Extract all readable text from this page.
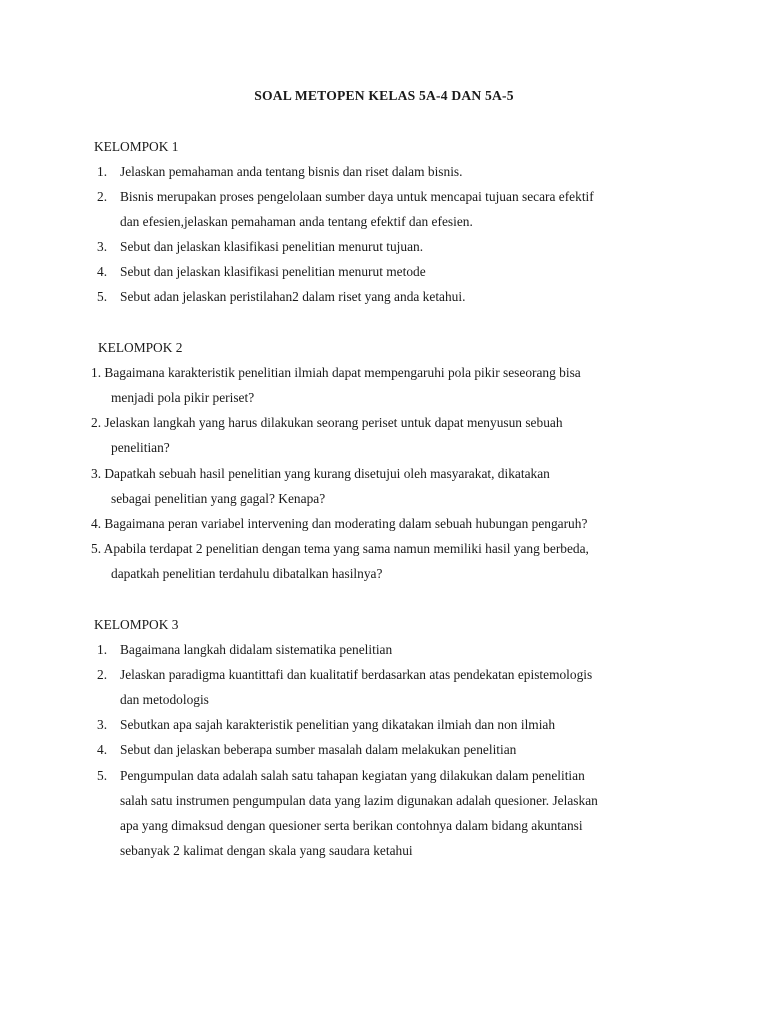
SOAL METOPEN KELAS 5A-4 DAN 5A-5
KELOMPOK 1
1. Jelaskan pemahaman anda tentang bisnis dan riset dalam bisnis.
2. Bisnis merupakan proses pengelolaan sumber daya untuk mencapai tujuan secara efektif
dan efesien,jelaskan pemahaman anda tentang efektif dan efesien.
3. Sebut dan jelaskan klasifikasi penelitian menurut tujuan.
4. Sebut dan jelaskan klasifikasi penelitian menurut metode
5. Sebut adan jelaskan peristilahan2 dalam riset yang anda ketahui.
KELOMPOK 2
1. Bagaimana karakteristik penelitian ilmiah dapat mempengaruhi pola pikir seseorang bisa
menjadi pola pikir periset?
2. Jelaskan langkah yang harus dilakukan seorang periset untuk dapat menyusun sebuah
penelitian?
3. Dapatkah sebuah hasil penelitian yang kurang disetujui oleh masyarakat, dikatakan
sebagai penelitian yang gagal? Kenapa?
4. Bagaimana peran variabel intervening dan moderating dalam sebuah hubungan pengaruh?
5. Apabila terdapat 2 penelitian dengan tema yang sama namun memiliki hasil yang berbeda,
dapatkah penelitian terdahulu dibatalkan hasilnya?
KELOMPOK 3
1. Bagaimana langkah didalam sistematika penelitian
2. Jelaskan paradigma kuantittafi dan kualitatif berdasarkan atas pendekatan epistemologis
dan metodologis
3. Sebutkan apa sajah karakteristik penelitian yang dikatakan ilmiah dan non ilmiah
4. Sebut dan jelaskan beberapa sumber masalah dalam melakukan penelitian
5. Pengumpulan data adalah salah satu tahapan kegiatan yang dilakukan dalam penelitian
salah satu instrumen pengumpulan data yang lazim digunakan adalah quesioner. Jelaskan
apa yang dimaksud dengan quesioner serta berikan contohnya dalam bidang akuntansi
sebanyak 2 kalimat dengan skala yang saudara ketahui
